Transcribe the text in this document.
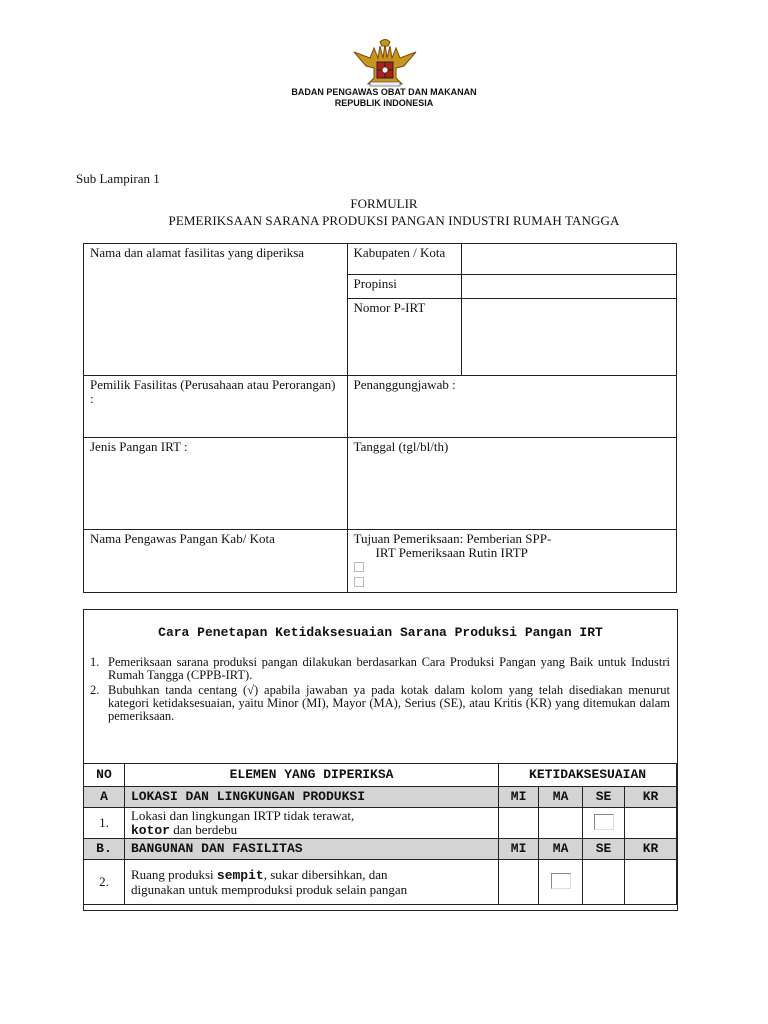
BADAN PENGAWAS OBAT DAN MAKANAN
REPUBLIK INDONESIA
Sub Lampiran 1
FORMULIR
PEMERIKSAAN SARANA PRODUKSI PANGAN INDUSTRI RUMAH TANGGA
Nama dan alamat fasilitas yang diperiksa	Kabupaten / Kota	
	Propinsi	
	Nomor P-IRT	
Pemilik Fasilitas (Perusahaan atau Perorangan) :	Penanggungjawab :	
Jenis Pangan IRT :	Tanggal (tgl/bl/th)	
Nama Pengawas Pangan Kab/ Kota	Tujuan Pemeriksaan: Pemberian SPP-
IRT Pemeriksaan Rutin IRTP	
Cara Penetapan Ketidaksesuaian Sarana Produksi Pangan IRT
1. Pemeriksaan sarana produksi pangan dilakukan berdasarkan Cara Produksi Pangan yang Baik untuk Industri Rumah Tangga (CPPB-IRT).
2. Bubuhkan tanda centang (√) apabila jawaban ya pada kotak dalam kolom yang telah disediakan menurut kategori ketidaksesuaian, yaitu Minor (MI), Mayor (MA), Serius (SE), atau Kritis (KR) yang ditemukan dalam pemeriksaan.
NO	ELEMEN YANG DIPERIKSA	KETIDAKSESUAIAN			
A	LOKASI DAN LINGKUNGAN PRODUKSI	MI	MA	SE	KR
1.	Lokasi dan lingkungan IRTP tidak terawat,
kotor dan berdebu				

B.	BANGUNAN DAN FASILITAS	MI	MA	SE	KR
2.	Ruang produksi sempit, sukar dibersihkan, dan
digunakan untuk memproduksi produk selain pangan				
